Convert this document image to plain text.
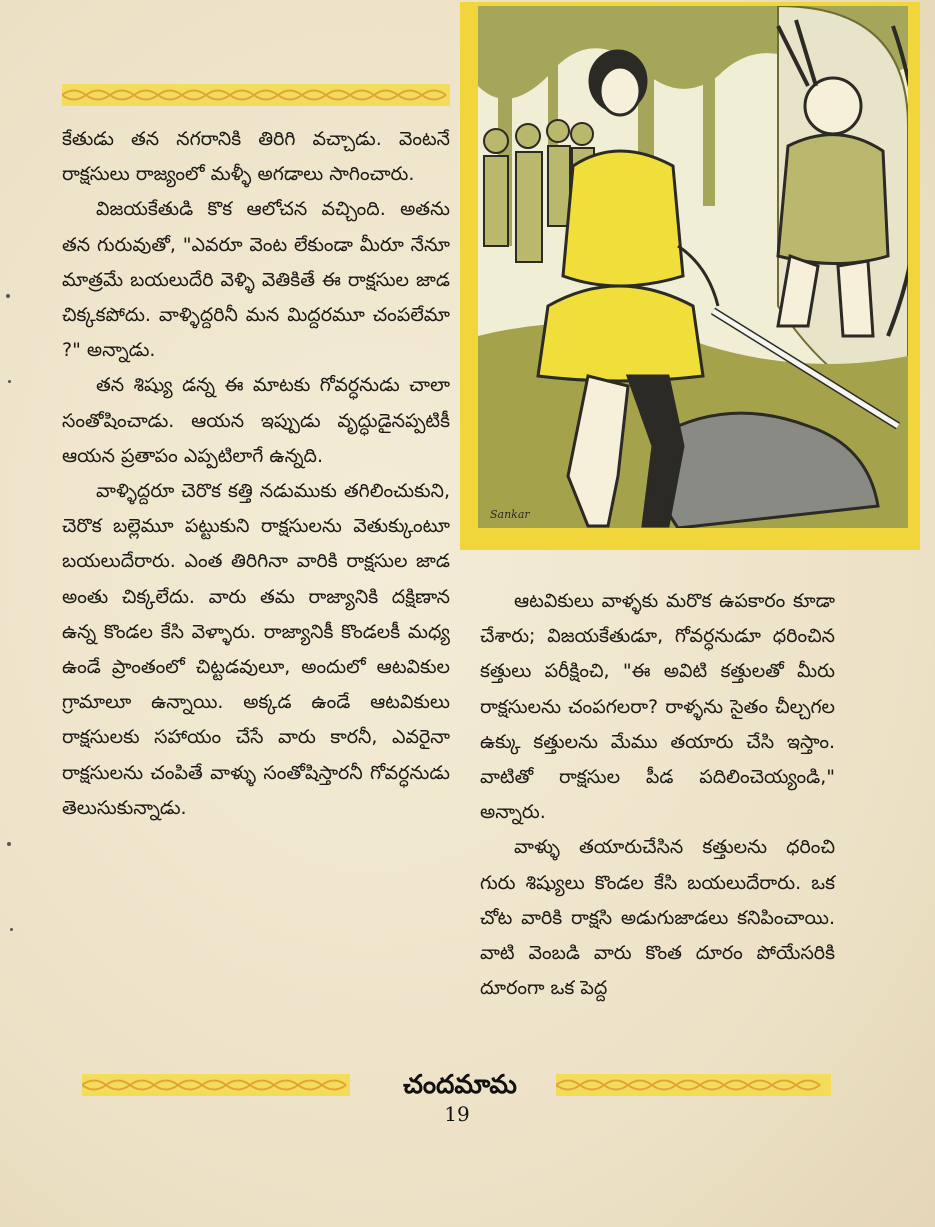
కేతుడు తన నగరానికి తిరిగి వచ్చాడు. వెంటనే రాక్షసులు రాజ్యంలో మళ్ళీ అగడాలు సాగించారు.

విజయకేతుడి కొక ఆలోచన వచ్చింది. అతను తన గురువుతో, "ఎవరూ వెంట లేకుండా మీరూ నేనూ మాత్రమే బయలుదేరి వెళ్ళి వెతికితే ఈ రాక్షసుల జాడ చిక్కకపోదు. వాళ్ళిద్దరినీ మన మిద్దరమూ చంపలేమా ?" అన్నాడు.

తన శిష్యు డన్న ఈ మాటకు గోవర్ధనుడు చాలా సంతోషించాడు. ఆయన ఇప్పుడు వృద్ధుడైనప్పటికీ ఆయన ప్రతాపం ఎప్పటిలాగే ఉన్నది.

వాళ్ళిద్దరూ చెరొక కత్తి నడుముకు తగిలించుకుని, చెరొక బల్లెమూ పట్టుకుని రాక్షసులను వెతుక్కుంటూ బయలుదేరారు. ఎంత తిరిగినా వారికి రాక్షసుల జాడ అంతు చిక్కలేదు. వారు తమ రాజ్యానికి దక్షిణాన ఉన్న కొండల కేసి వెళ్ళారు. రాజ్యానికీ కొండలకీ మధ్య ఉండే ప్రాంతంలో చిట్టడవులూ, అందులో ఆటవికుల గ్రామాలూ ఉన్నాయి. అక్కడ ఉండే ఆటవికులు రాక్షసులకు సహాయం చేసే వారు కారనీ, ఎవరైనా రాక్షసులను చంపితే వాళ్ళు సంతోషిస్తారనీ గోవర్ధనుడు తెలుసుకున్నాడు.

Sankar

ఆటవికులు వాళ్ళకు మరొక ఉపకారం కూడా చేశారు; విజయకేతుడూ, గోవర్ధనుడూ ధరించిన కత్తులు పరీక్షించి, "ఈ అవిటి కత్తులతో మీరు రాక్షసులను చంపగలరా? రాళ్ళను సైతం చీల్చగల ఉక్కు కత్తులను మేము తయారు చేసి ఇస్తాం. వాటితో రాక్షసుల పీడ పదిలించెయ్యండి," అన్నారు.

వాళ్ళు తయారుచేసిన కత్తులను ధరించి గురు శిష్యులు కొండల కేసి బయలుదేరారు. ఒక చోట వారికి రాక్షసి అడుగుజాడలు కనిపించాయి. వాటి వెంబడి వారు కొంత దూరం పోయేసరికి దూరంగా ఒక పెద్ద

చందమామ
19
